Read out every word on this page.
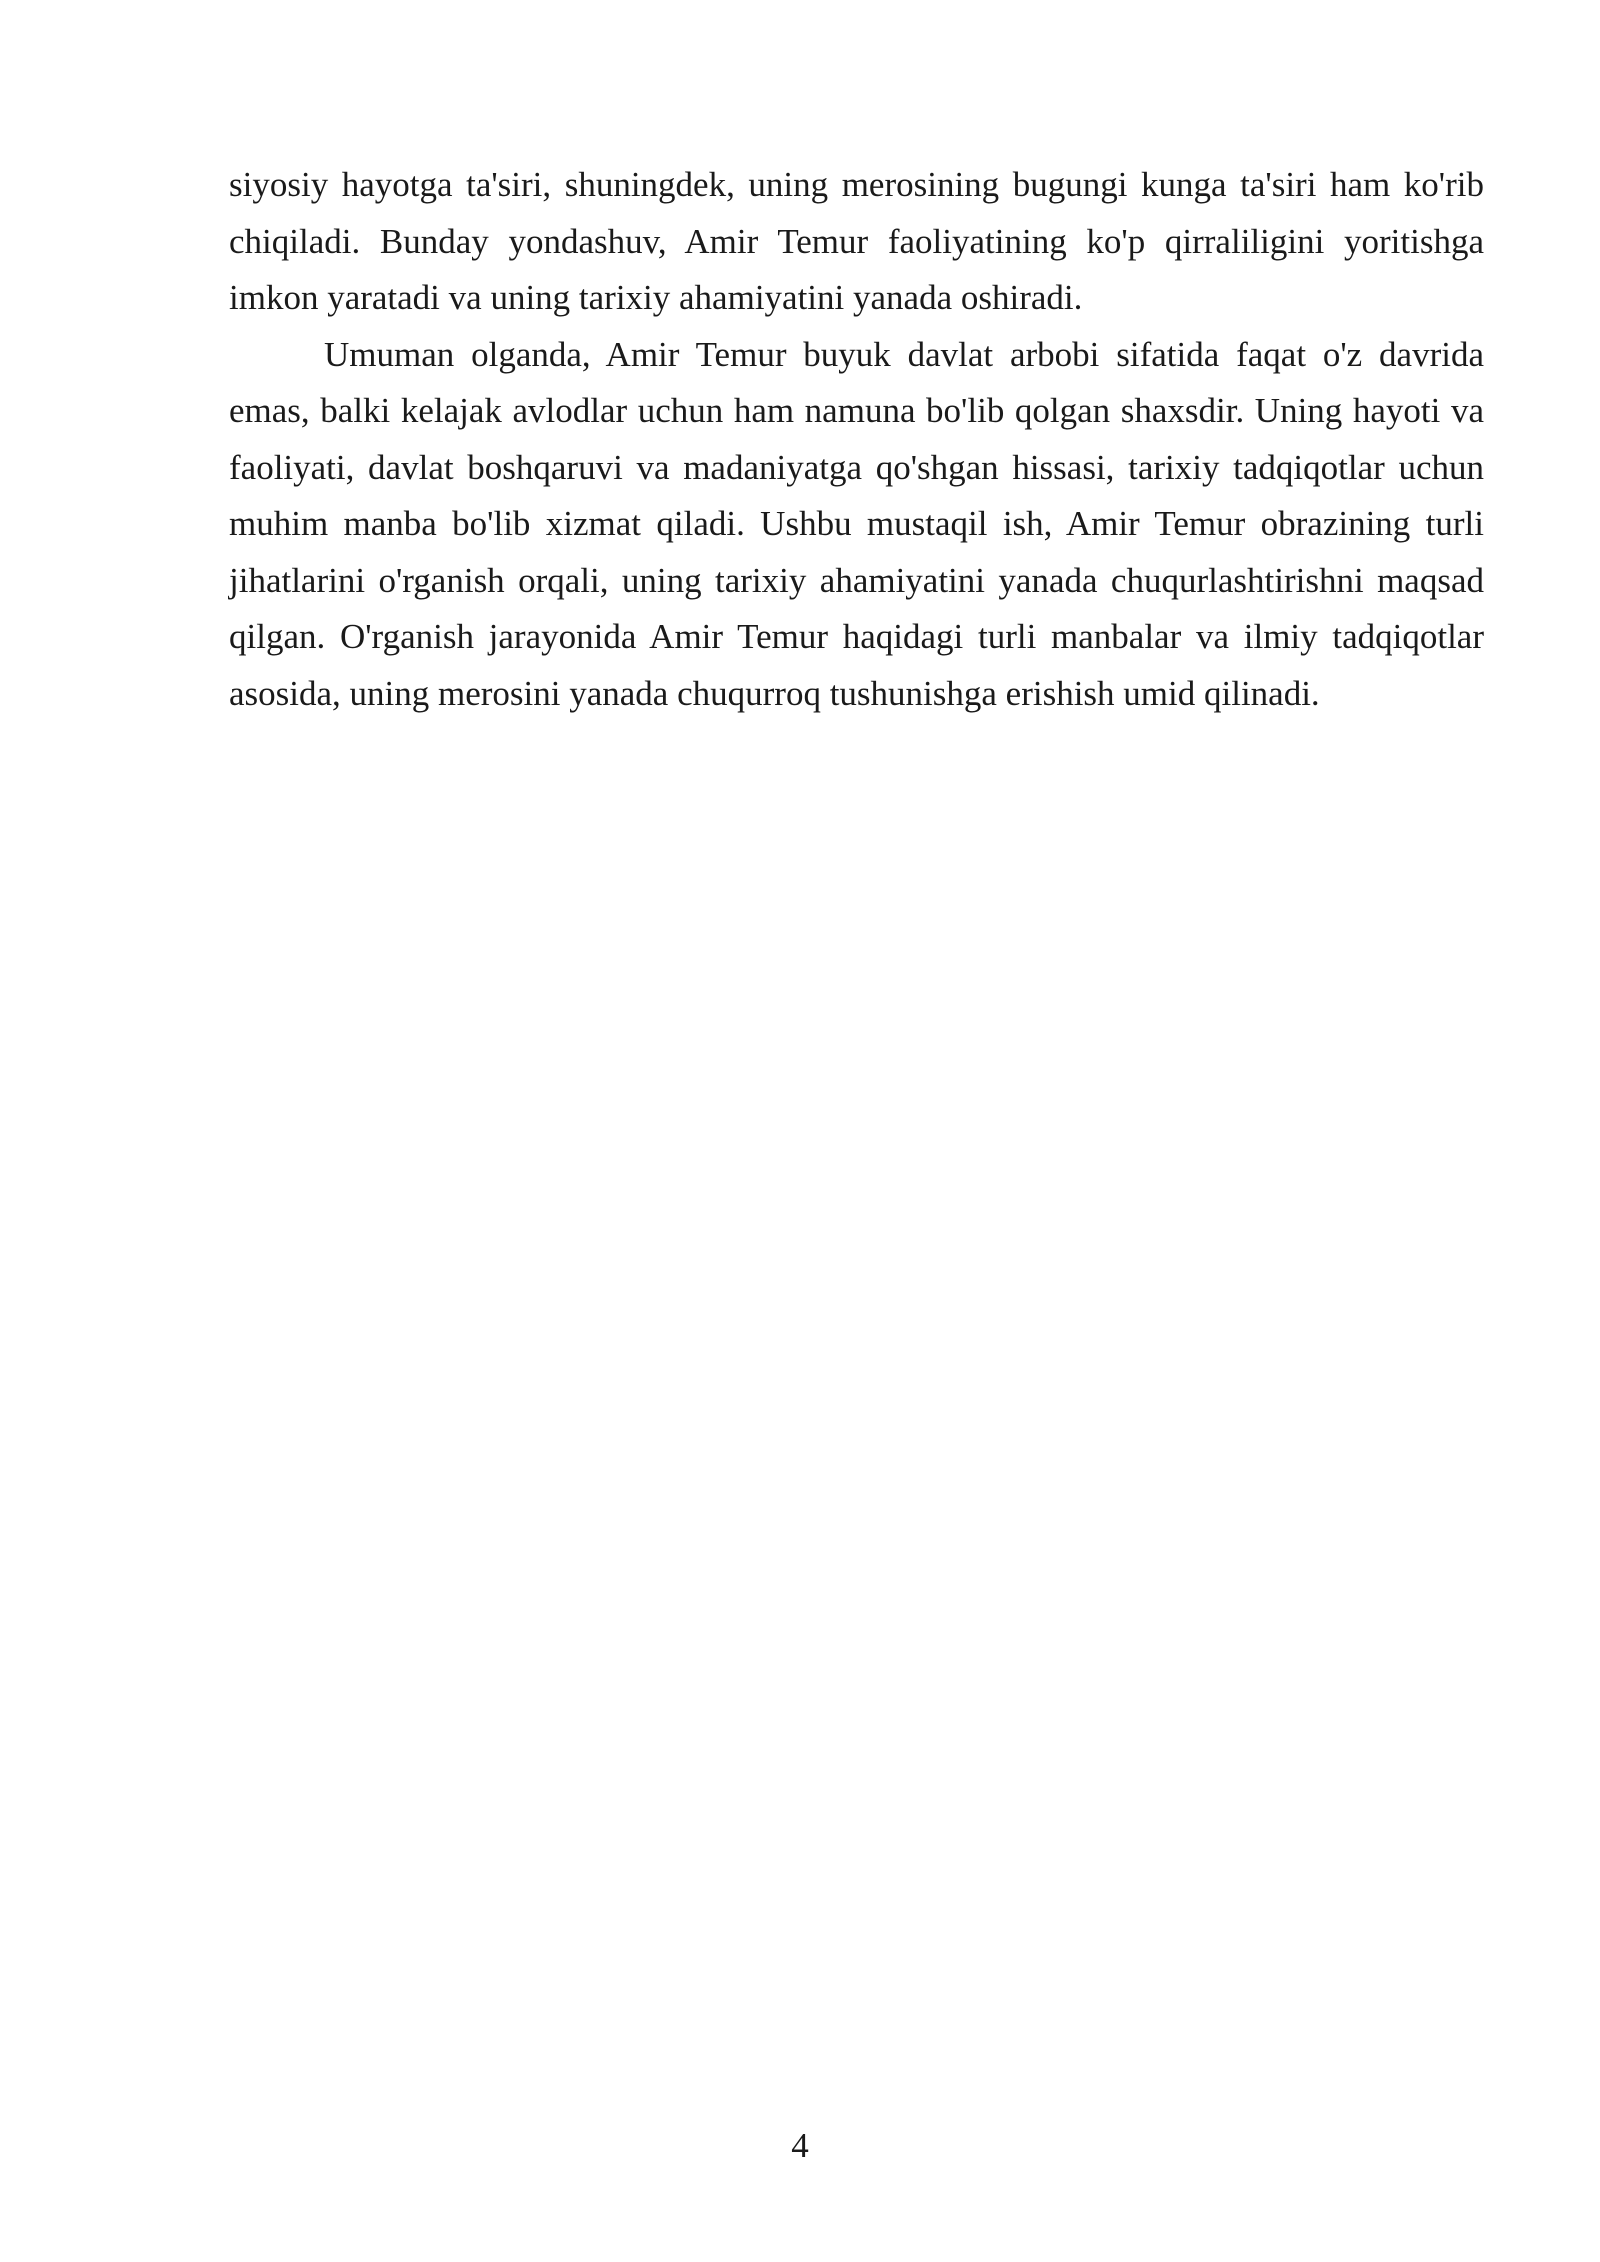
siyosiy hayotga ta'siri, shuningdek, uning merosining bugungi kunga ta'siri ham ko'rib chiqiladi. Bunday yondashuv, Amir Temur faoliyatining ko'p qirraliligini yoritishga imkon yaratadi va uning tarixiy ahamiyatini yanada oshiradi.

Umuman olganda, Amir Temur buyuk davlat arbobi sifatida faqat o'z davrida emas, balki kelajak avlodlar uchun ham namuna bo'lib qolgan shaxsdir. Uning hayoti va faoliyati, davlat boshqaruvi va madaniyatga qo'shgan hissasi, tarixiy tadqiqotlar uchun muhim manba bo'lib xizmat qiladi. Ushbu mustaqil ish, Amir Temur obrazining turli jihatlarini o'rganish orqali, uning tarixiy ahamiyatini yanada chuqurlashtirishni maqsad qilgan. O'rganish jarayonida Amir Temur haqidagi turli manbalar va ilmiy tadqiqotlar asosida, uning merosini yanada chuqurroq tushunishga erishish umid qilinadi.

4
